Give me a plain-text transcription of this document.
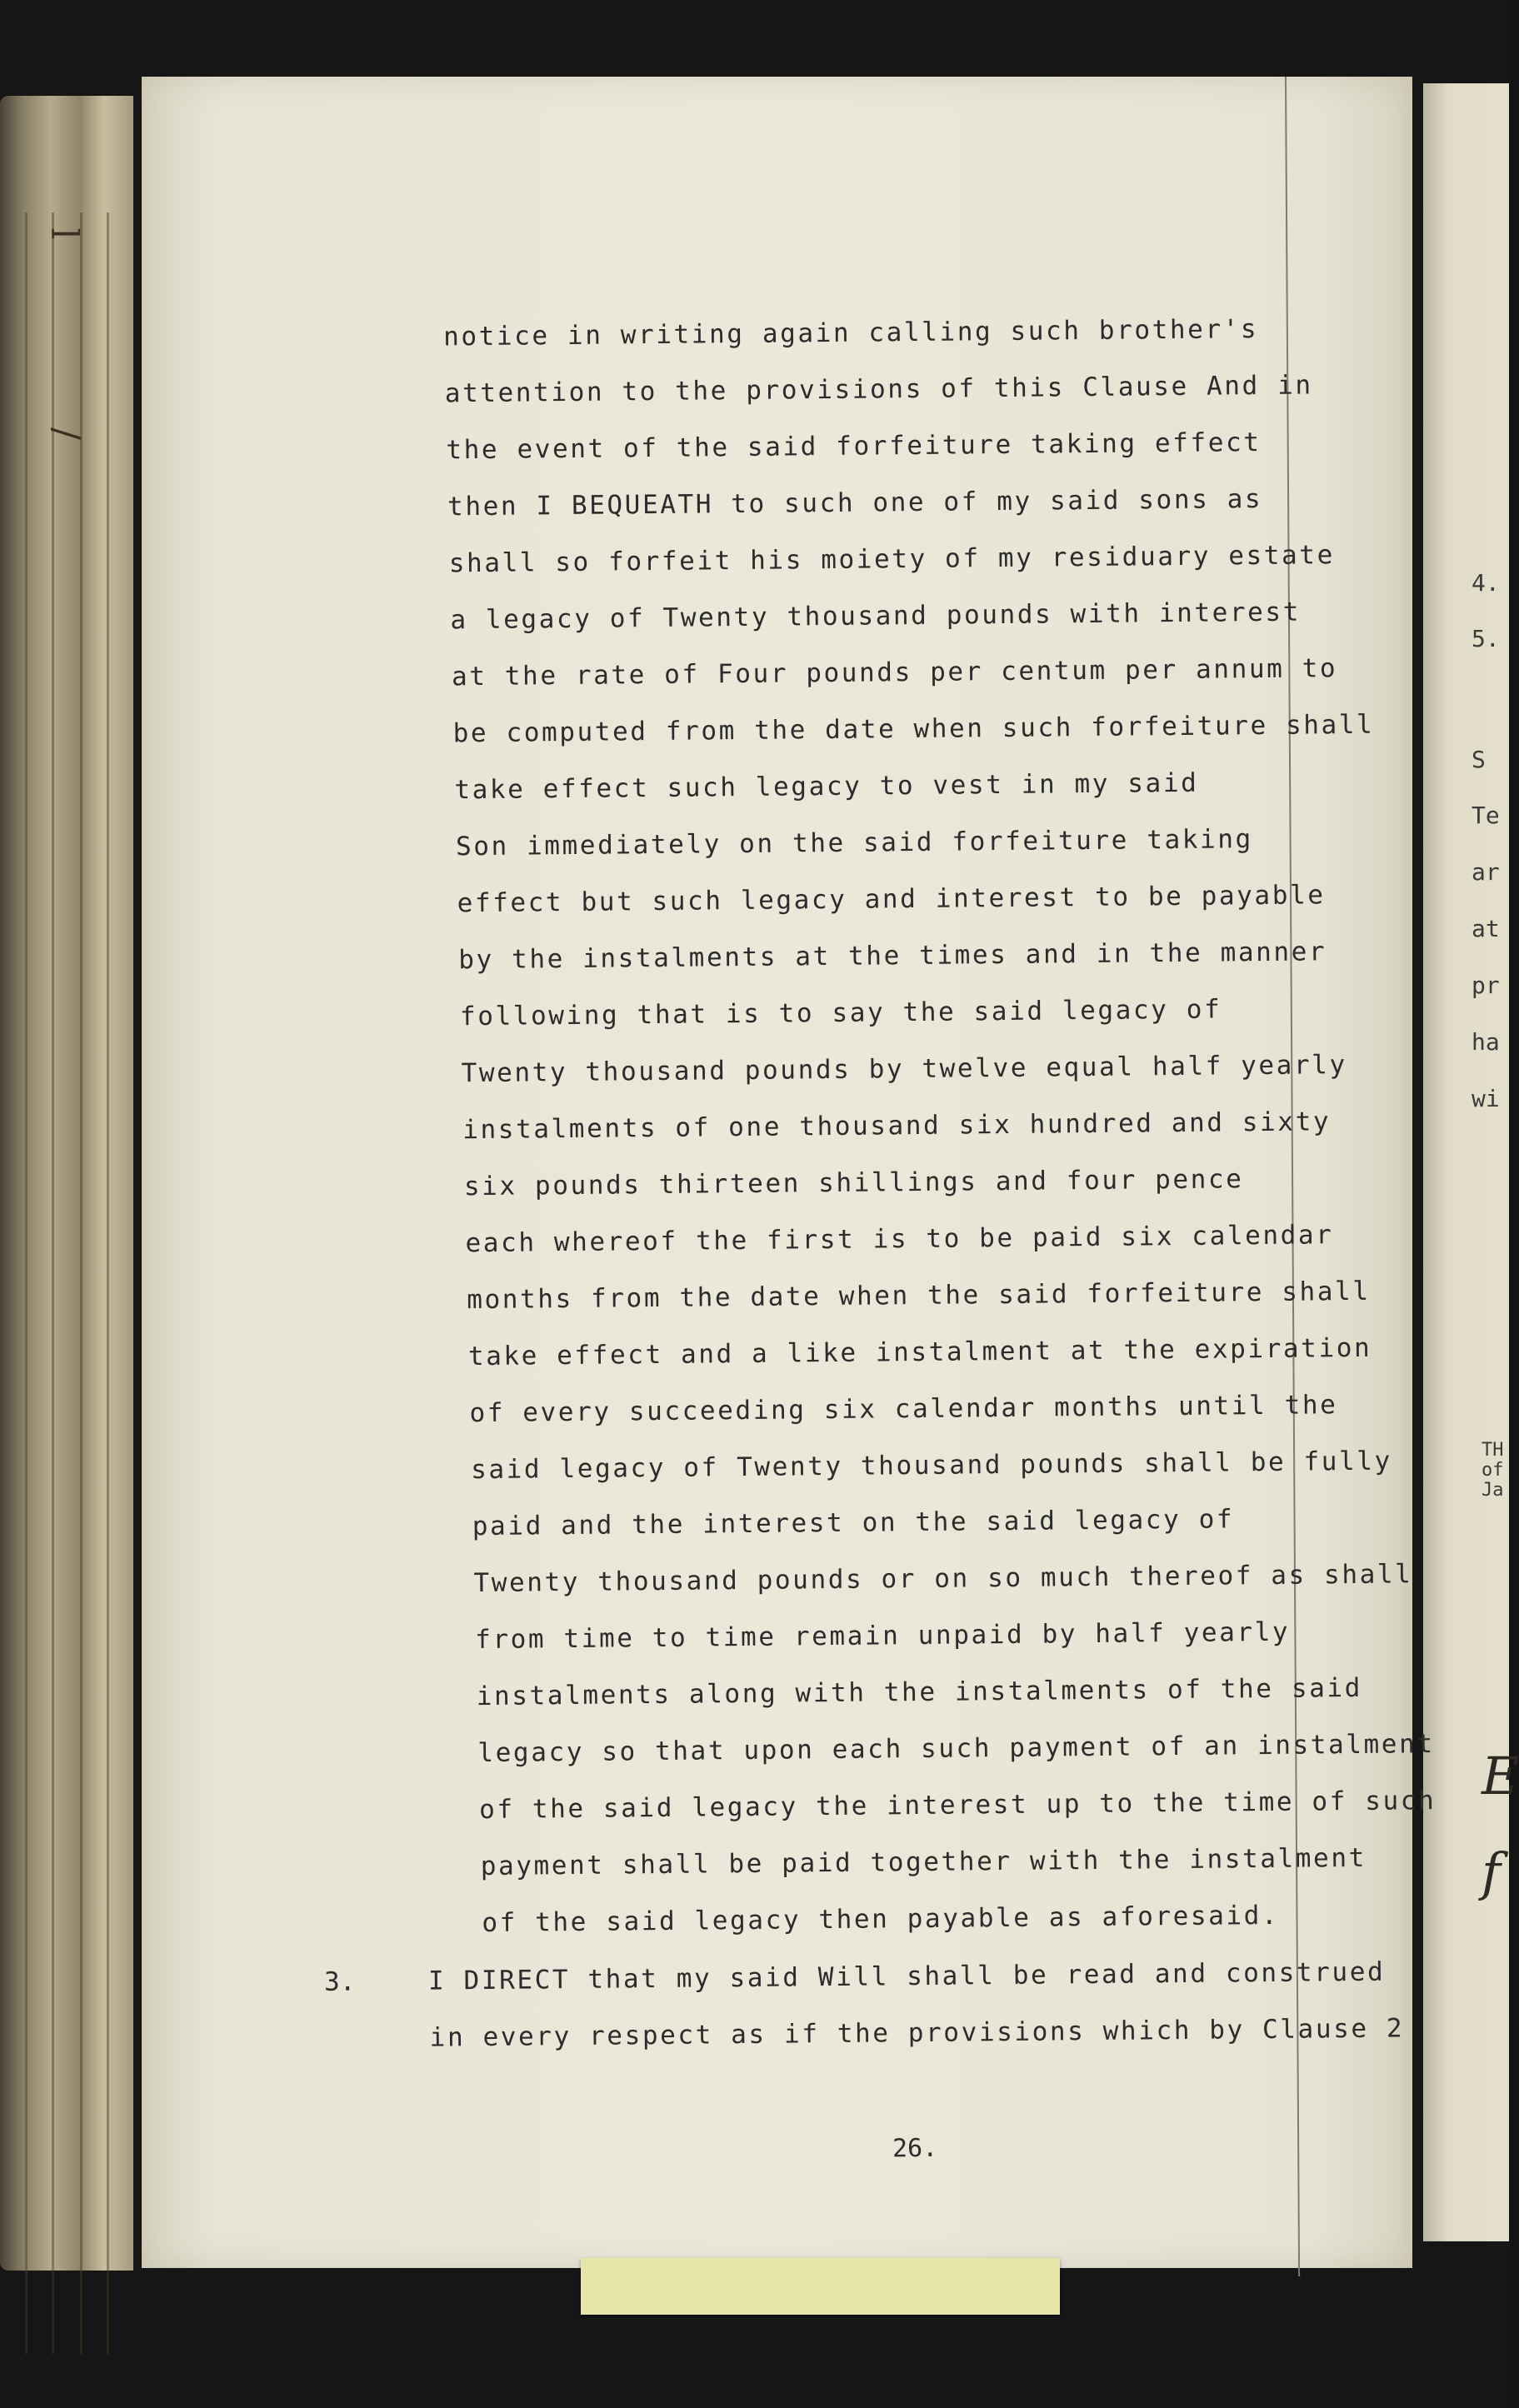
l
/
4.
5.
S
Te
ar
at
pr
ha
wi
TH
of
Ja
E
f
notice in writing again calling such brother's
attention to the provisions of this Clause And in
the event of the said forfeiture taking effect
then I BEQUEATH to such one of my said sons as
shall so forfeit his moiety of my residuary estate
a legacy of Twenty thousand pounds with interest
at the rate of Four pounds per centum per annum to
be computed from the date when such forfeiture shall
take effect such legacy to vest in my said
Son immediately on the said forfeiture taking
effect but such legacy and interest to be payable
by the instalments at the times and in the manner
following that is to say the said legacy of
Twenty thousand pounds by twelve equal half yearly
instalments of one thousand six hundred and sixty
six pounds thirteen shillings and four pence
each whereof the first is to be paid six calendar
months from the date when the said forfeiture shall
take effect and a like instalment at the expiration
of every succeeding six calendar months until the
said legacy of Twenty thousand pounds shall be fully
paid and the interest on the said legacy of
Twenty thousand pounds or on so much thereof as shall
from time to time remain unpaid by half yearly
instalments along with the instalments of the said
legacy so that upon each such payment of an instalment
of the said legacy the interest up to the time of such
payment shall be paid together with the instalment
of the said legacy then payable as aforesaid.
3.	I DIRECT that my said Will shall be read and construed
in every respect as if the provisions which by Clause 2
26.
